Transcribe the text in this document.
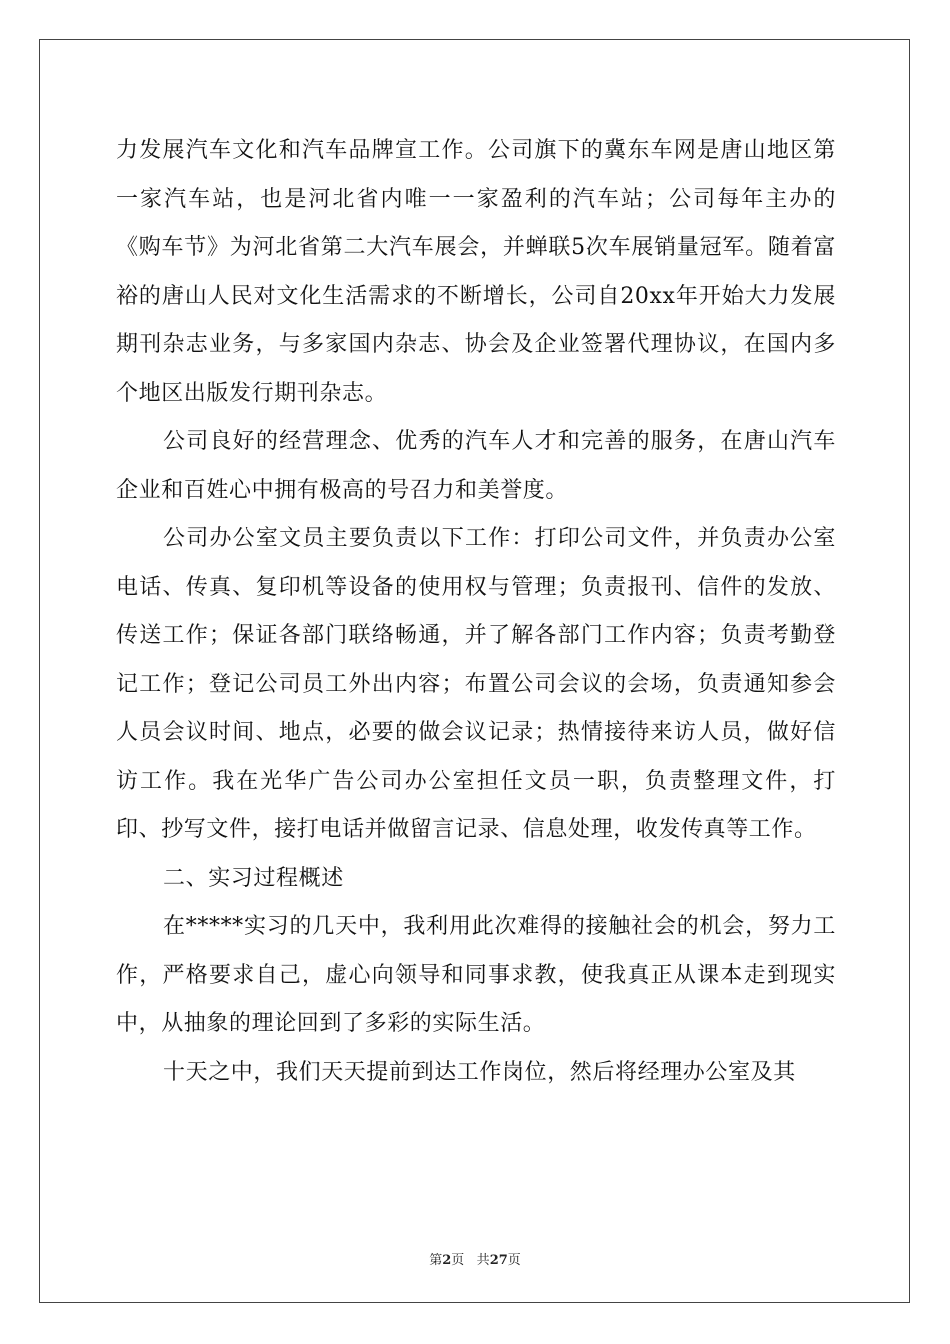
力发展汽车文化和汽车品牌宣工作。公司旗下的冀东车网是唐山地区第一家汽车站，也是河北省内唯一一家盈利的汽车站；公司每年主办的《购车节》为河北省第二大汽车展会，并蝉联5次车展销量冠军。随着富裕的唐山人民对文化生活需求的不断增长，公司自20xx年开始大力发展期刊杂志业务，与多家国内杂志、协会及企业签署代理协议，在国内多个地区出版发行期刊杂志。

公司良好的经营理念、优秀的汽车人才和完善的服务，在唐山汽车企业和百姓心中拥有极高的号召力和美誉度。

公司办公室文员主要负责以下工作：打印公司文件，并负责办公室电话、传真、复印机等设备的使用权与管理；负责报刊、信件的发放、传送工作；保证各部门联络畅通，并了解各部门工作内容；负责考勤登记工作；登记公司员工外出内容；布置公司会议的会场，负责通知参会人员会议时间、地点，必要的做会议记录；热情接待来访人员，做好信访工作。我在光华广告公司办公室担任文员一职，负责整理文件，打印、抄写文件，接打电话并做留言记录、信息处理，收发传真等工作。

二、实习过程概述

在*****实习的几天中，我利用此次难得的接触社会的机会，努力工作，严格要求自己，虚心向领导和同事求教，使我真正从课本走到现实中，从抽象的理论回到了多彩的实际生活。

十天之中，我们天天提前到达工作岗位，然后将经理办公室及其

第2页 共27页
